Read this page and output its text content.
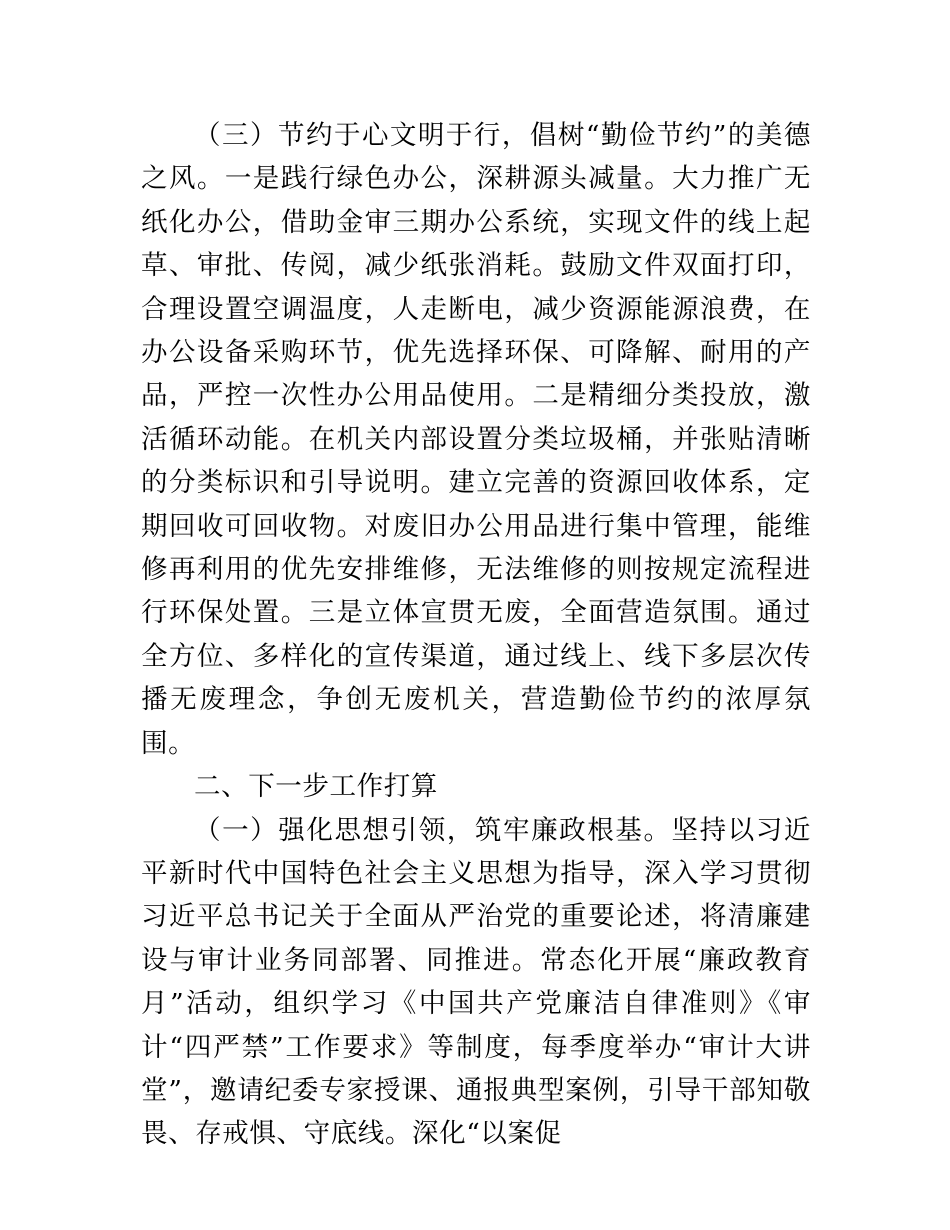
（三）节约于心文明于行，倡树“勤俭节约”的美德之风。一是践行绿色办公，深耕源头减量。大力推广无纸化办公，借助金审三期办公系统，实现文件的线上起草、审批、传阅，减少纸张消耗。鼓励文件双面打印，合理设置空调温度，人走断电，减少资源能源浪费，在办公设备采购环节，优先选择环保、可降解、耐用的产品，严控一次性办公用品使用。二是精细分类投放，激活循环动能。在机关内部设置分类垃圾桶，并张贴清晰的分类标识和引导说明。建立完善的资源回收体系，定期回收可回收物。对废旧办公用品进行集中管理，能维修再利用的优先安排维修，无法维修的则按规定流程进行环保处置。三是立体宣贯无废，全面营造氛围。通过全方位、多样化的宣传渠道，通过线上、线下多层次传播无废理念，争创无废机关，营造勤俭节约的浓厚氛围。

二、下一步工作打算

（一）强化思想引领，筑牢廉政根基。坚持以习近平新时代中国特色社会主义思想为指导，深入学习贯彻习近平总书记关于全面从严治党的重要论述，将清廉建设与审计业务同部署、同推进。常态化开展“廉政教育月”活动，组织学习《中国共产党廉洁自律准则》《审计“四严禁”工作要求》等制度，每季度举办“审计大讲堂”，邀请纪委专家授课、通报典型案例，引导干部知敬畏、存戒惧、守底线。深化“以案促
